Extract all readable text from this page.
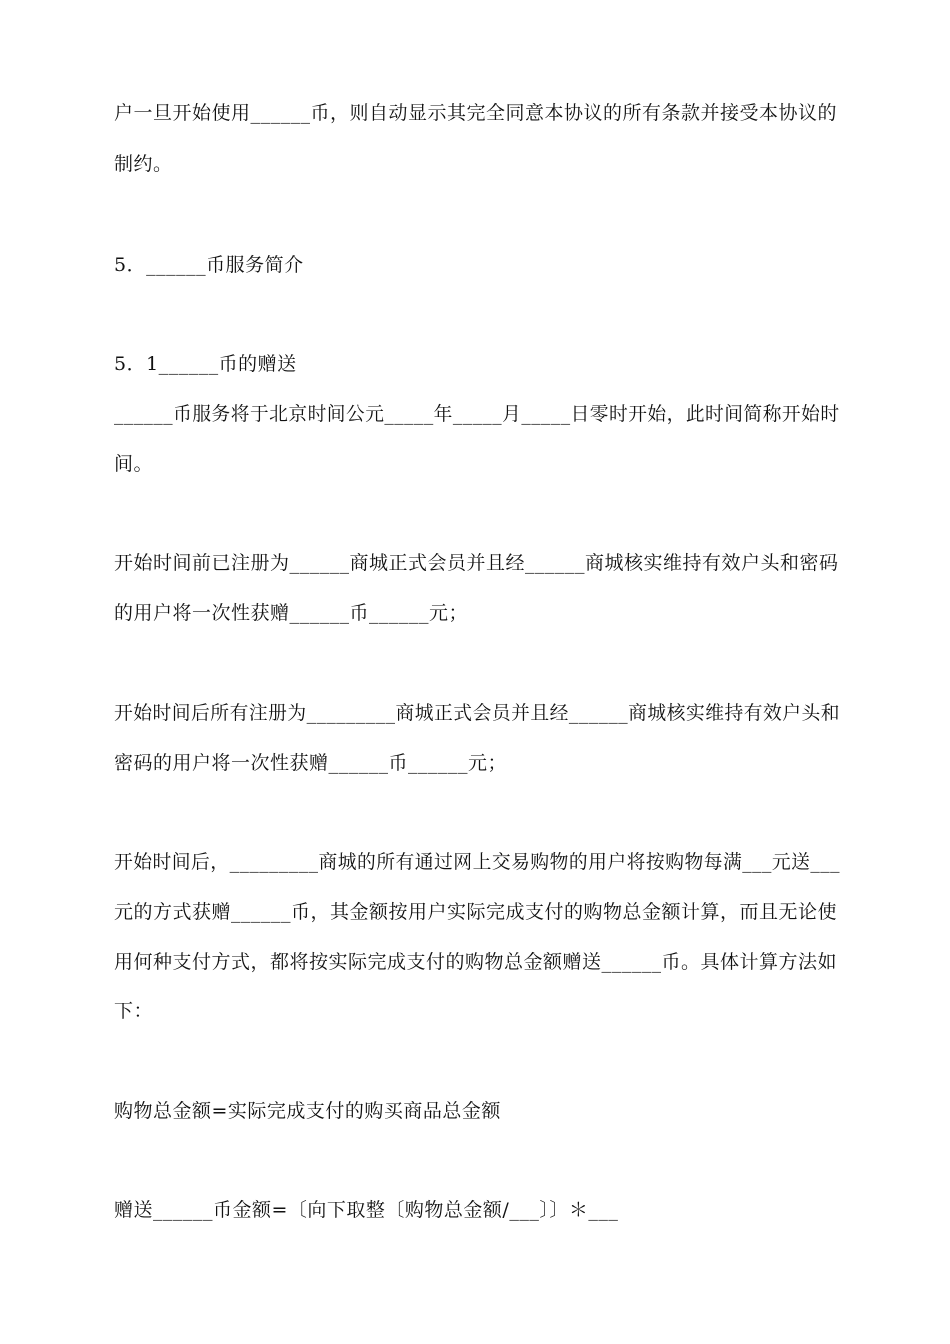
户一旦开始使用______币，则自动显示其完全同意本协议的所有条款并接受本协议的
制约。
5．______币服务简介
5．1______币的赠送
______币服务将于北京时间公元_____年_____月_____日零时开始，此时间简称开始时
间。
开始时间前已注册为______商城正式会员并且经______商城核实维持有效户头和密码
的用户将一次性获赠______币______元；
开始时间后所有注册为_________商城正式会员并且经______商城核实维持有效户头和
密码的用户将一次性获赠______币______元；
开始时间后，_________商城的所有通过网上交易购物的用户将按购物每满___元送___
元的方式获赠______币，其金额按用户实际完成支付的购物总金额计算，而且无论使
用何种支付方式，都将按实际完成支付的购物总金额赠送______币。具体计算方法如
下：
购物总金额=实际完成支付的购买商品总金额
赠送______币金额=〔向下取整〔购物总金额/___〕〕＊___
